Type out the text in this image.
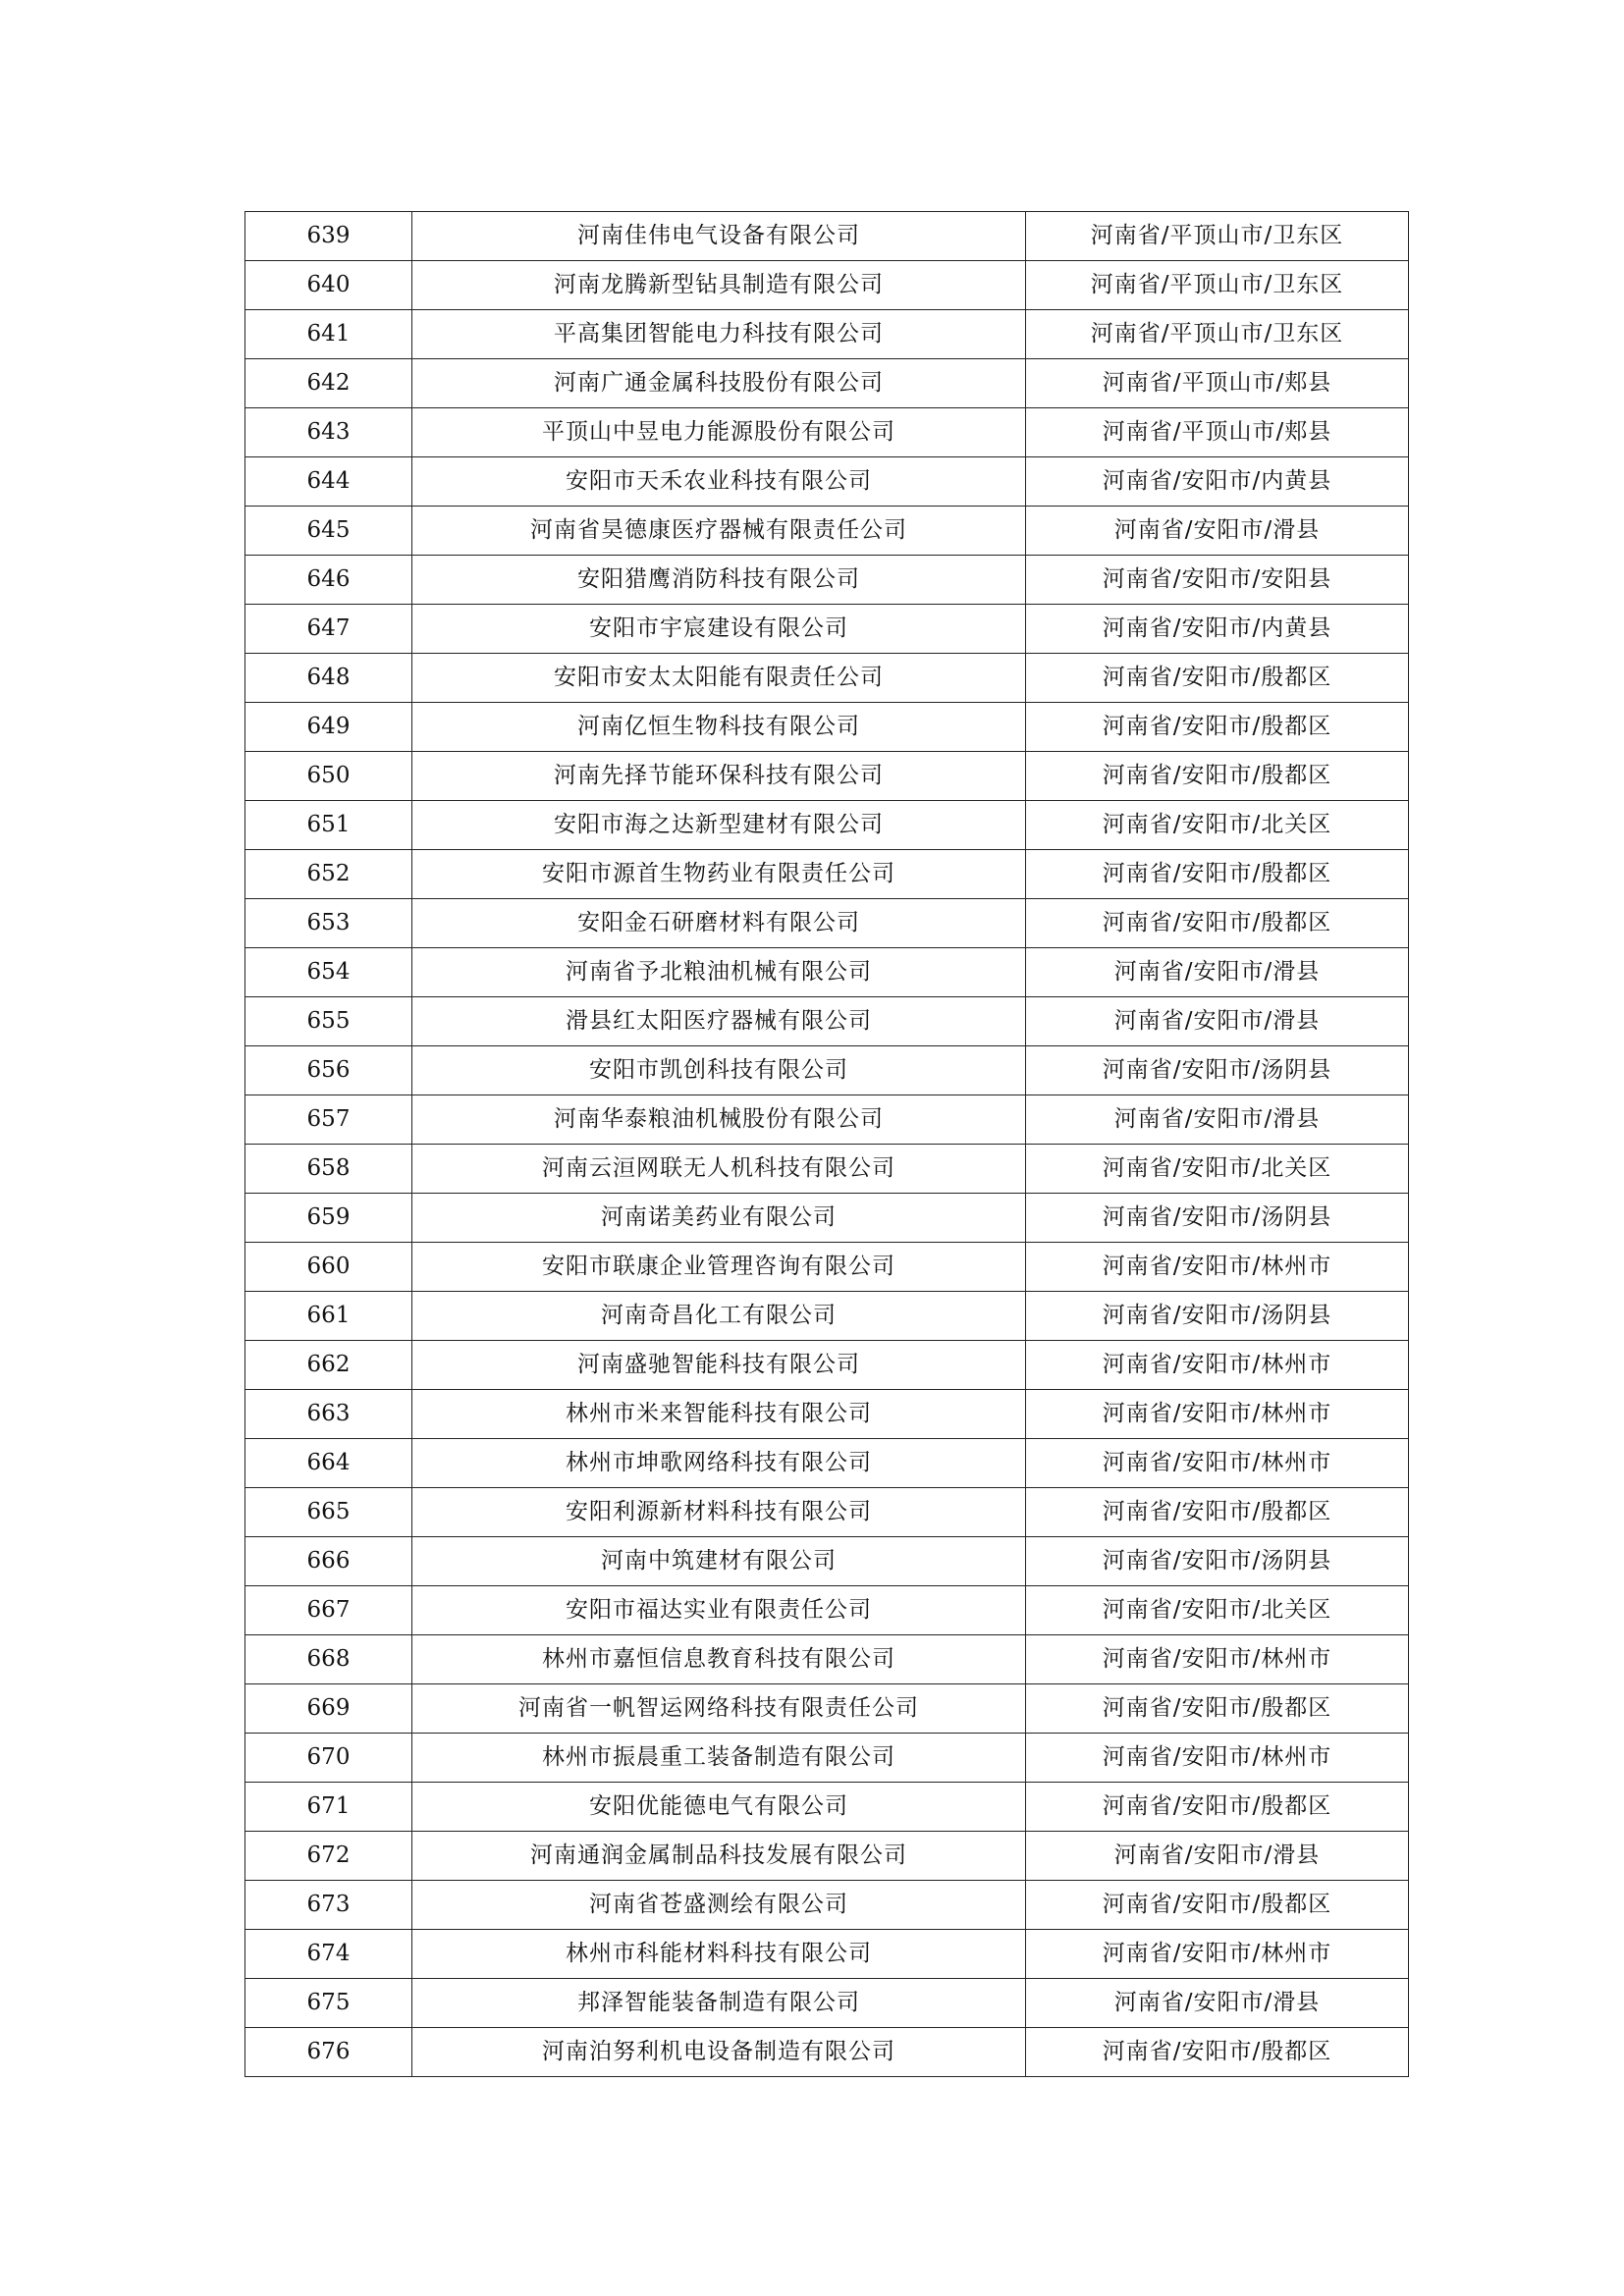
639	河南佳伟电气设备有限公司	河南省/平顶山市/卫东区
640	河南龙腾新型钻具制造有限公司	河南省/平顶山市/卫东区
641	平高集团智能电力科技有限公司	河南省/平顶山市/卫东区
642	河南广通金属科技股份有限公司	河南省/平顶山市/郏县
643	平顶山中昱电力能源股份有限公司	河南省/平顶山市/郏县
644	安阳市天禾农业科技有限公司	河南省/安阳市/内黄县
645	河南省昊德康医疗器械有限责任公司	河南省/安阳市/滑县
646	安阳猎鹰消防科技有限公司	河南省/安阳市/安阳县
647	安阳市宇宸建设有限公司	河南省/安阳市/内黄县
648	安阳市安太太阳能有限责任公司	河南省/安阳市/殷都区
649	河南亿恒生物科技有限公司	河南省/安阳市/殷都区
650	河南先择节能环保科技有限公司	河南省/安阳市/殷都区
651	安阳市海之达新型建材有限公司	河南省/安阳市/北关区
652	安阳市源首生物药业有限责任公司	河南省/安阳市/殷都区
653	安阳金石研磨材料有限公司	河南省/安阳市/殷都区
654	河南省予北粮油机械有限公司	河南省/安阳市/滑县
655	滑县红太阳医疗器械有限公司	河南省/安阳市/滑县
656	安阳市凯创科技有限公司	河南省/安阳市/汤阴县
657	河南华泰粮油机械股份有限公司	河南省/安阳市/滑县
658	河南云洹网联无人机科技有限公司	河南省/安阳市/北关区
659	河南诺美药业有限公司	河南省/安阳市/汤阴县
660	安阳市联康企业管理咨询有限公司	河南省/安阳市/林州市
661	河南奇昌化工有限公司	河南省/安阳市/汤阴县
662	河南盛驰智能科技有限公司	河南省/安阳市/林州市
663	林州市米来智能科技有限公司	河南省/安阳市/林州市
664	林州市坤歌网络科技有限公司	河南省/安阳市/林州市
665	安阳利源新材料科技有限公司	河南省/安阳市/殷都区
666	河南中筑建材有限公司	河南省/安阳市/汤阴县
667	安阳市福达实业有限责任公司	河南省/安阳市/北关区
668	林州市嘉恒信息教育科技有限公司	河南省/安阳市/林州市
669	河南省一帆智运网络科技有限责任公司	河南省/安阳市/殷都区
670	林州市振晨重工装备制造有限公司	河南省/安阳市/林州市
671	安阳优能德电气有限公司	河南省/安阳市/殷都区
672	河南通润金属制品科技发展有限公司	河南省/安阳市/滑县
673	河南省苍盛测绘有限公司	河南省/安阳市/殷都区
674	林州市科能材料科技有限公司	河南省/安阳市/林州市
675	邦泽智能装备制造有限公司	河南省/安阳市/滑县
676	河南泊努利机电设备制造有限公司	河南省/安阳市/殷都区
